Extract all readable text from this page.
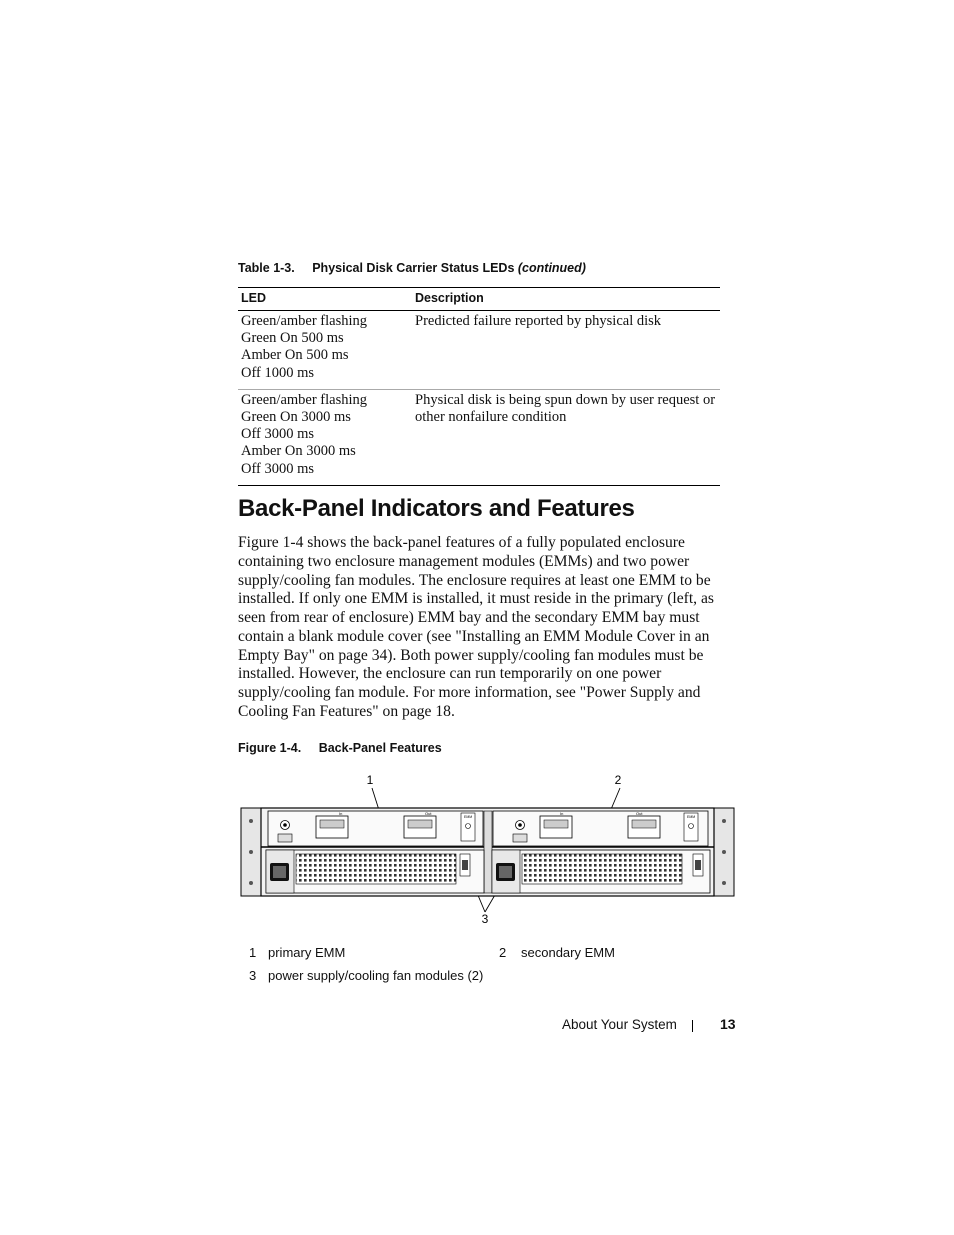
Table 1-3. Physical Disk Carrier Status LEDs (continued)
LED	Description

Green/amber flashing
Green On 500 ms
Amber On 500 ms
Off 1000 ms	Predicted failure reported by physical disk

Green/amber flashing
Green On 3000 ms
Off 3000 ms
Amber On 3000 ms
Off 3000 ms	Physical disk is being spun down by user request or
other nonfailure condition
Back-Panel Indicators and Features

Figure 1-4 shows the back-panel features of a fully populated enclosure containing two enclosure management modules (EMMs) and two power supply/cooling fan modules. The enclosure requires at least one EMM to be installed. If only one EMM is installed, it must reside in the primary (left, as seen from rear of enclosure) EMM bay and the secondary EMM bay must contain a blank module cover (see "Installing an EMM Module Cover in an Empty Bay" on page 34). Both power supply/cooling fan modules must be installed. However, the enclosure can run temporarily on one power supply/cooling fan module. For more information, see "Power Supply and Cooling Fan Features" on page 18.

Figure 1-4. Back-Panel Features
1	2
3
In	Out
EMM
In	Out
EMM
1 primary EMM	2 secondary EMM
3 power supply/cooling fan modules (2)
About Your System	13
